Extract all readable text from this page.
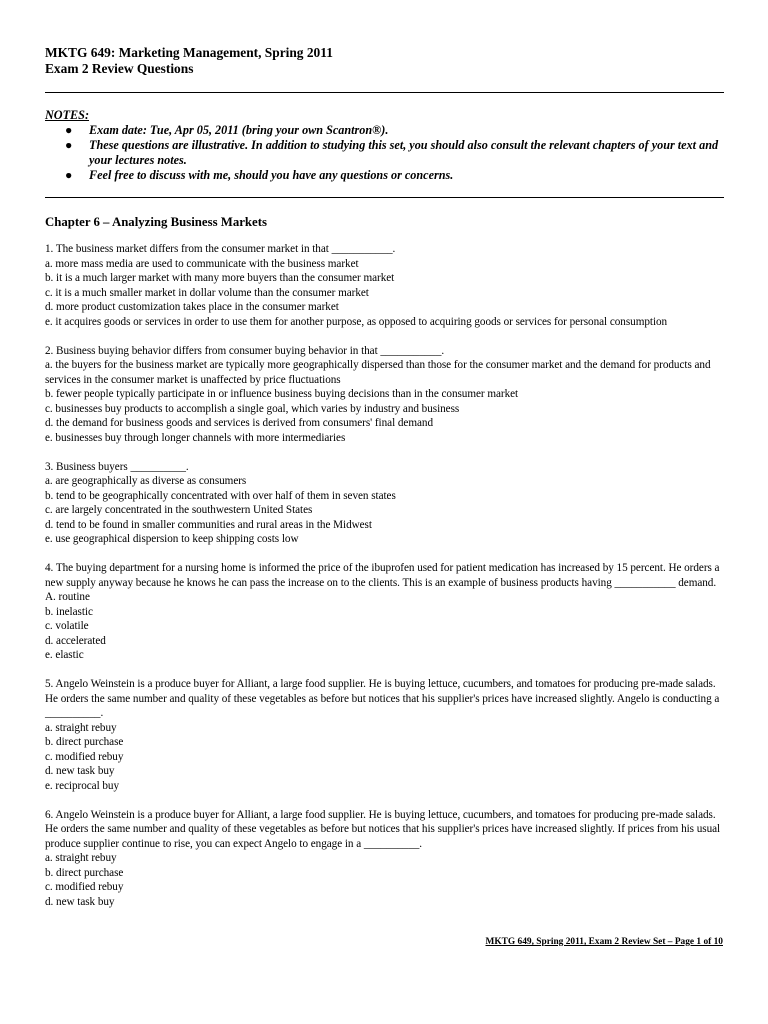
MKTG 649: Marketing Management, Spring 2011
Exam 2 Review Questions
NOTES:
● Exam date: Tue, Apr 05, 2011 (bring your own Scantron®).
● These questions are illustrative. In addition to studying this set, you should also consult the relevant chapters of your text and your lectures notes.
● Feel free to discuss with me, should you have any questions or concerns.
Chapter 6 – Analyzing Business Markets

1. The business market differs from the consumer market in that ___________.

a. more mass media are used to communicate with the business market

b. it is a much larger market with many more buyers than the consumer market

c. it is a much smaller market in dollar volume than the consumer market

d. more product customization takes place in the consumer market

e. it acquires goods or services in order to use them for another purpose, as opposed to acquiring goods or services for personal consumption

2. Business buying behavior differs from consumer buying behavior in that ___________.

a. the buyers for the business market are typically more geographically dispersed than those for the consumer market and the demand for products and services in the consumer market is unaffected by price fluctuations

b. fewer people typically participate in or influence business buying decisions than in the consumer market

c. businesses buy products to accomplish a single goal, which varies by industry and business

d. the demand for business goods and services is derived from consumers' final demand

e. businesses buy through longer channels with more intermediaries

3. Business buyers __________.

a. are geographically as diverse as consumers

b. tend to be geographically concentrated with over half of them in seven states

c. are largely concentrated in the southwestern United States

d. tend to be found in smaller communities and rural areas in the Midwest

e. use geographical dispersion to keep shipping costs low

4. The buying department for a nursing home is informed the price of the ibuprofen used for patient medication has increased by 15 percent. He orders a new supply anyway because he knows he can pass the increase on to the clients. This is an example of business products having ___________ demand.

A. routine

b. inelastic

c. volatile

d. accelerated

e. elastic

5. Angelo Weinstein is a produce buyer for Alliant, a large food supplier. He is buying lettuce, cucumbers, and tomatoes for producing pre-made salads. He orders the same number and quality of these vegetables as before but notices that his supplier's prices have increased slightly. Angelo is conducting a __________.

a. straight rebuy

b. direct purchase

c. modified rebuy

d. new task buy

e. reciprocal buy

6. Angelo Weinstein is a produce buyer for Alliant, a large food supplier. He is buying lettuce, cucumbers, and tomatoes for producing pre-made salads. He orders the same number and quality of these vegetables as before but notices that his supplier's prices have increased slightly. If prices from his usual produce supplier continue to rise, you can expect Angelo to engage in a __________.

a. straight rebuy

b. direct purchase

c. modified rebuy

d. new task buy

MKTG 649, Spring 2011, Exam 2 Review Set – Page 1 of 10
